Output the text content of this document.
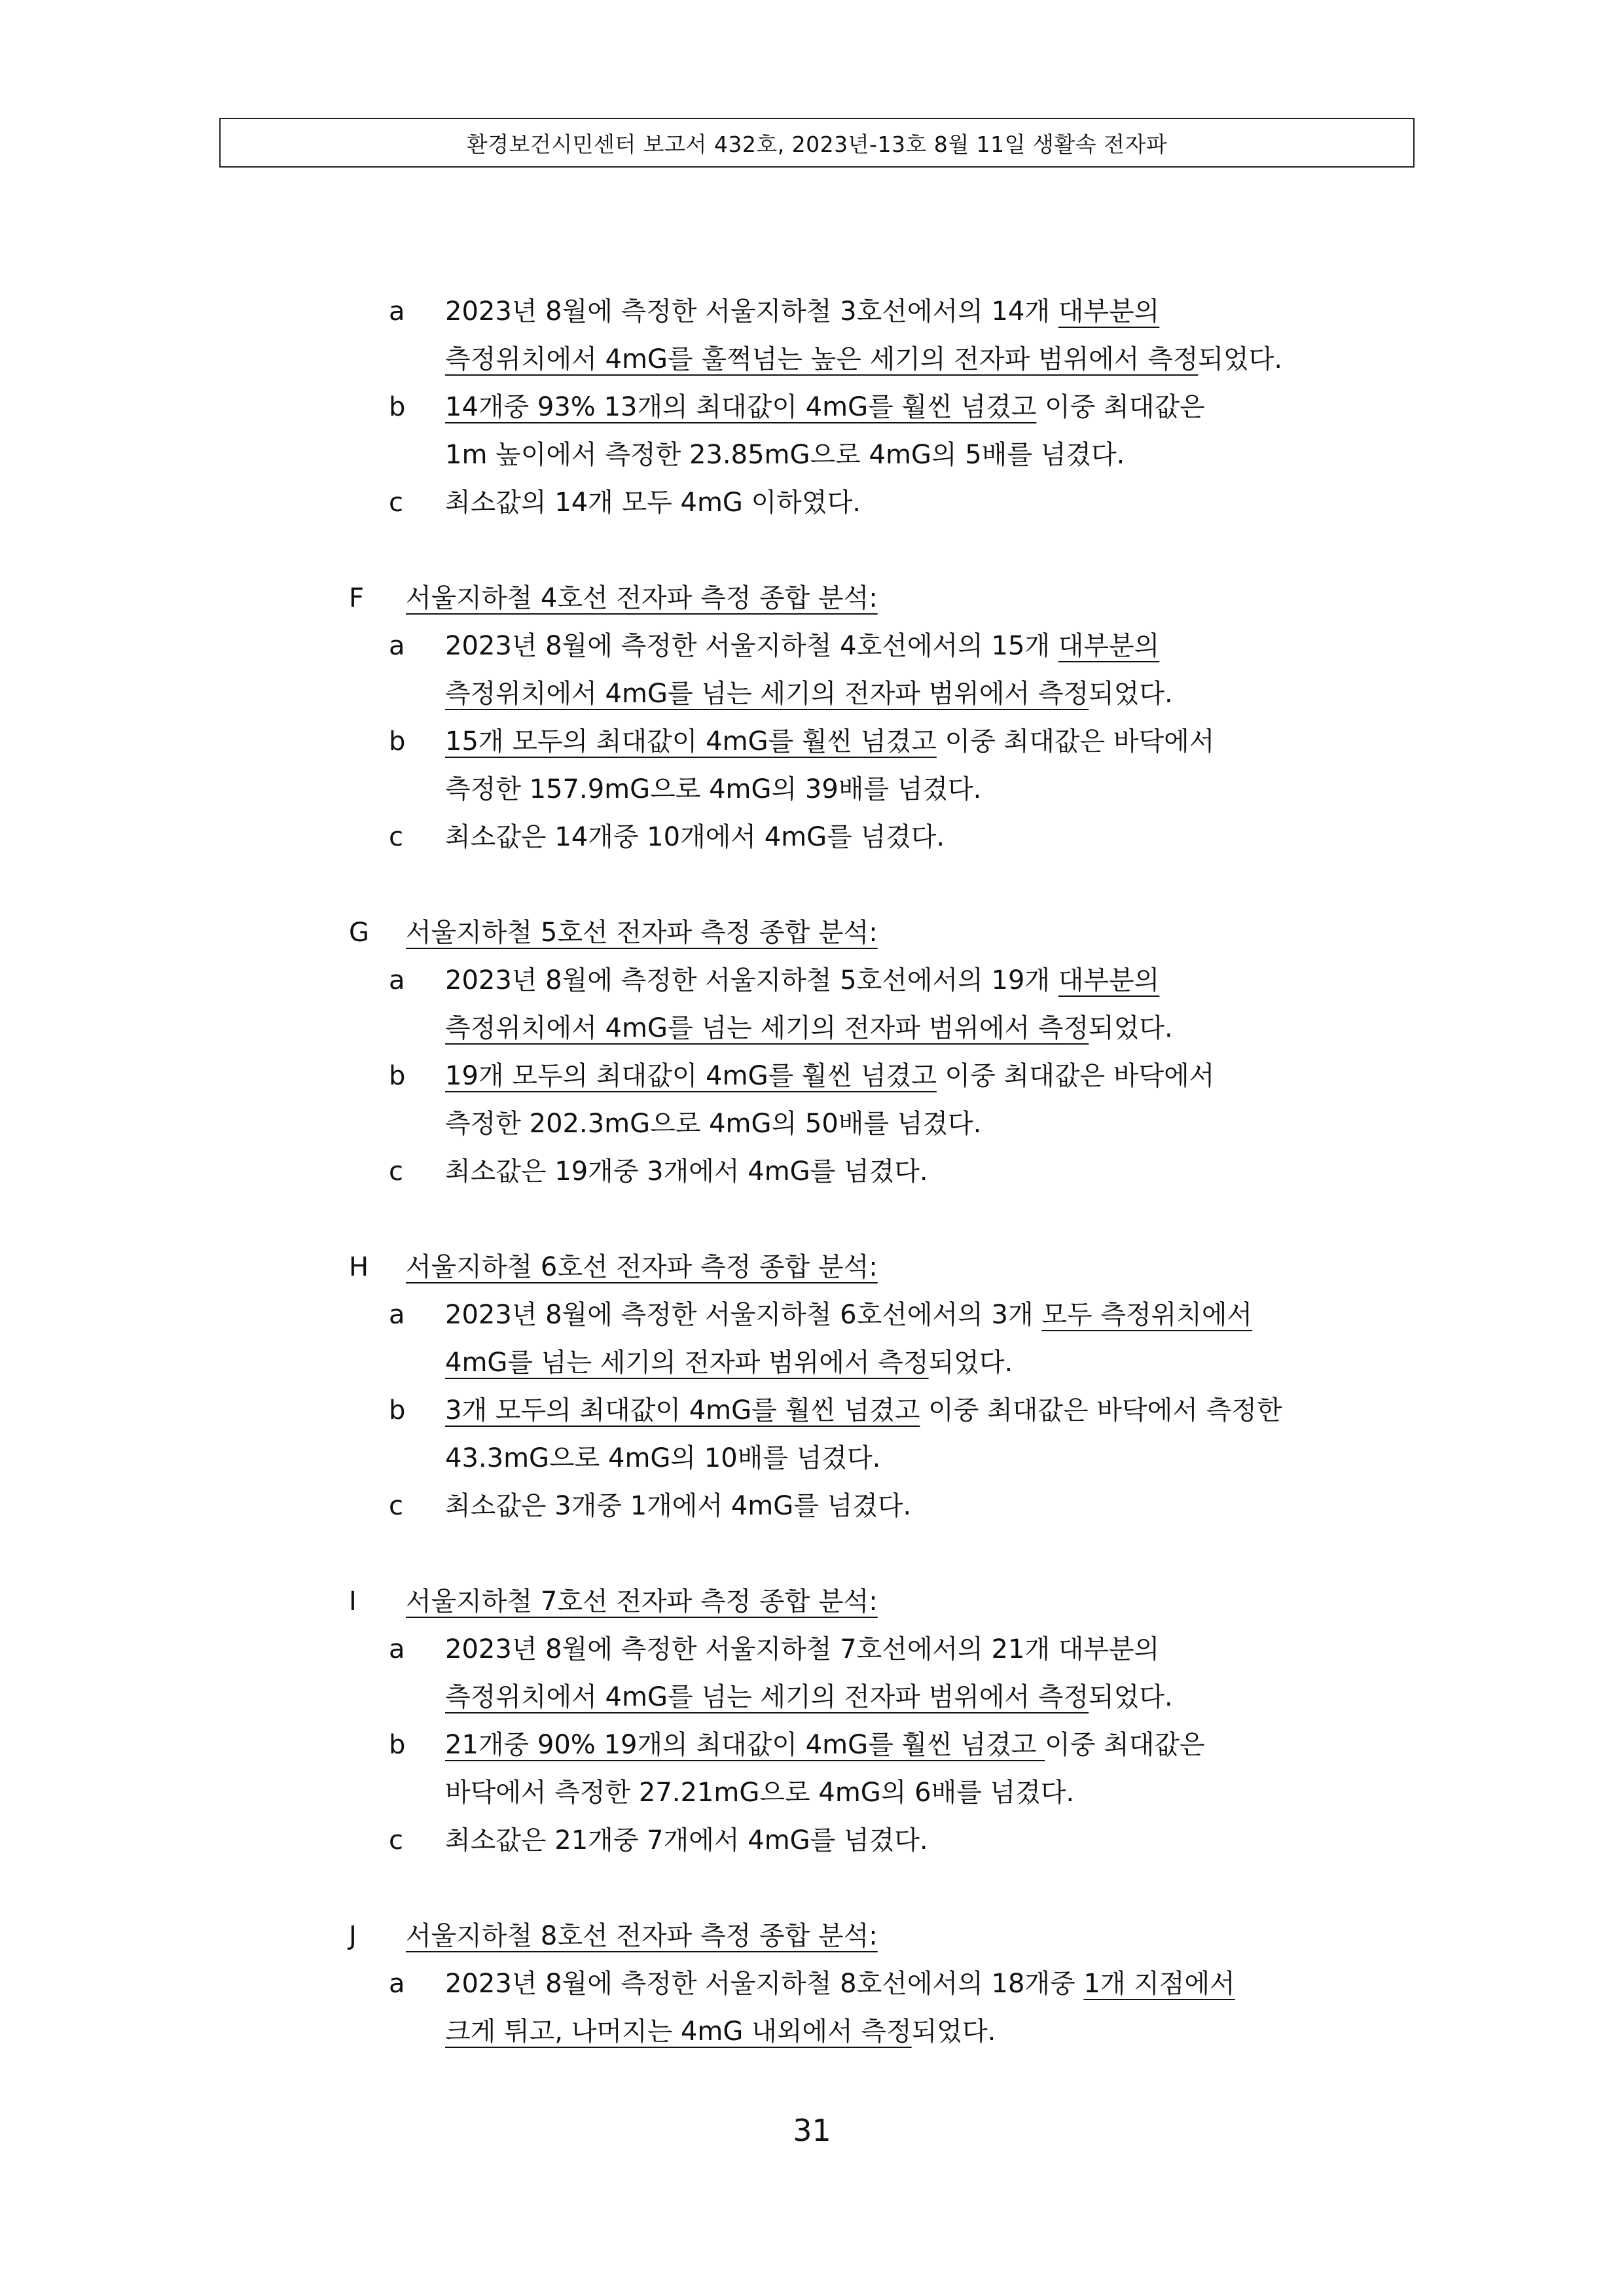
환경보건시민센터 보고서 432호, 2023년-13호 8월 11일 생활속 전자파
a	2023년 8월에 측정한 서울지하철 3호선에서의 14개 대부분의
측정위치에서 4mG를 훌쩍넘는 높은 세기의 전자파 범위에서 측정되었다.
b	14개중 93% 13개의 최대값이 4mG를 훨씬 넘겼고 이중 최대값은
1m 높이에서 측정한 23.85mG으로 4mG의 5배를 넘겼다.
c	최소값의 14개 모두 4mG 이하였다.
F	서울지하철 4호선 전자파 측정 종합 분석:
a	2023년 8월에 측정한 서울지하철 4호선에서의 15개 대부분의
측정위치에서 4mG를 넘는 세기의 전자파 범위에서 측정되었다.
b	15개 모두의 최대값이 4mG를 훨씬 넘겼고 이중 최대값은 바닥에서
측정한 157.9mG으로 4mG의 39배를 넘겼다.
c	최소값은 14개중 10개에서 4mG를 넘겼다.
G	서울지하철 5호선 전자파 측정 종합 분석:
a	2023년 8월에 측정한 서울지하철 5호선에서의 19개 대부분의
측정위치에서 4mG를 넘는 세기의 전자파 범위에서 측정되었다.
b	19개 모두의 최대값이 4mG를 훨씬 넘겼고 이중 최대값은 바닥에서
측정한 202.3mG으로 4mG의 50배를 넘겼다.
c	최소값은 19개중 3개에서 4mG를 넘겼다.
H	서울지하철 6호선 전자파 측정 종합 분석:
a	2023년 8월에 측정한 서울지하철 6호선에서의 3개 모두 측정위치에서
4mG를 넘는 세기의 전자파 범위에서 측정되었다.
b	3개 모두의 최대값이 4mG를 훨씬 넘겼고 이중 최대값은 바닥에서 측정한
43.3mG으로 4mG의 10배를 넘겼다.
c	최소값은 3개중 1개에서 4mG를 넘겼다.
I	서울지하철 7호선 전자파 측정 종합 분석:
a	2023년 8월에 측정한 서울지하철 7호선에서의 21개 대부분의
측정위치에서 4mG를 넘는 세기의 전자파 범위에서 측정되었다.
b	21개중 90% 19개의 최대값이 4mG를 훨씬 넘겼고 이중 최대값은
바닥에서 측정한 27.21mG으로 4mG의 6배를 넘겼다.
c	최소값은 21개중 7개에서 4mG를 넘겼다.
J	서울지하철 8호선 전자파 측정 종합 분석:
a	2023년 8월에 측정한 서울지하철 8호선에서의 18개중 1개 지점에서
크게 튀고, 나머지는 4mG 내외에서 측정되었다.
31
